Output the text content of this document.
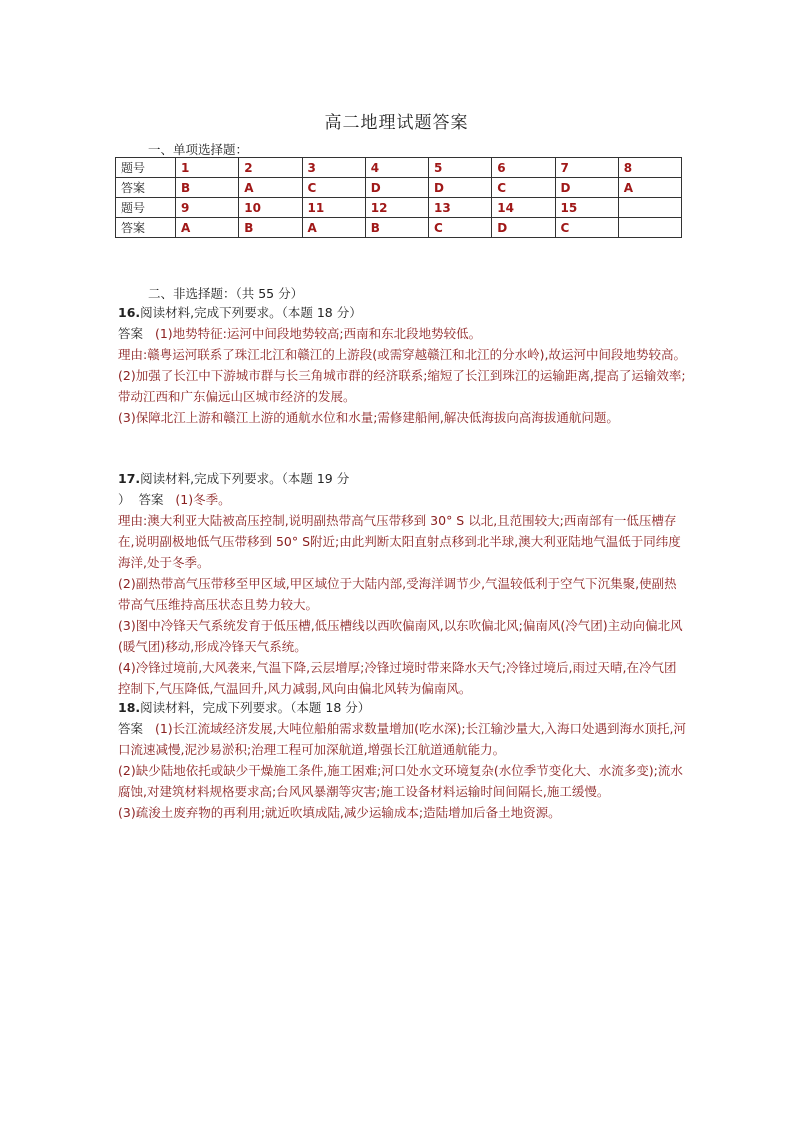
高二地理试题答案
一、单项选择题：
题号	1	2	3	4	5	6	7	8
答案	B	A	C	D	D	C	D	A
题号	9	10	11	12	13	14	15	
答案	A	B	A	B	C	D	C	
二、非选择题：（共 55 分）

16.阅读材料,完成下列要求。（本题 18 分）

答案 (1)地势特征:运河中间段地势较高;西南和东北段地势较低。

理由:赣粤运河联系了珠江北江和赣江的上游段(或需穿越赣江和北江的分水岭),故运河中间段地势较高。

(2)加强了长江中下游城市群与长三角城市群的经济联系;缩短了长江到珠江的运输距离,提高了运输效率;带动江西和广东偏远山区城市经济的发展。

(3)保障北江上游和赣江上游的通航水位和水量;需修建船闸,解决低海拔向高海拔通航问题。

17.阅读材料,完成下列要求。（本题 19 分

） 答案 (1)冬季。

理由:澳大利亚大陆被高压控制,说明副热带高气压带移到 30° S 以北,且范围较大;西南部有一低压槽存在,说明副极地低气压带移到 50° S附近;由此判断太阳直射点移到北半球,澳大利亚陆地气温低于同纬度海洋,处于冬季。

(2)副热带高气压带移至甲区域,甲区域位于大陆内部,受海洋调节少,气温较低利于空气下沉集聚,使副热带高气压维持高压状态且势力较大。

(3)图中冷锋天气系统发育于低压槽,低压槽线以西吹偏南风,以东吹偏北风;偏南风(冷气团)主动向偏北风(暖气团)移动,形成冷锋天气系统。

(4)冷锋过境前,大风袭来,气温下降,云层增厚;冷锋过境时带来降水天气;冷锋过境后,雨过天晴,在冷气团控制下,气压降低,气温回升,风力减弱,风向由偏北风转为偏南风。

18.阅读材料，完成下列要求。（本题 18 分）

答案 (1)长江流域经济发展,大吨位船舶需求数量增加(吃水深);长江输沙量大,入海口处遇到海水顶托,河口流速减慢,泥沙易淤积;治理工程可加深航道,增强长江航道通航能力。

(2)缺少陆地依托或缺少干燥施工条件,施工困难;河口处水文环境复杂(水位季节变化大、水流多变);流水腐蚀,对建筑材料规格要求高;台风风暴潮等灾害;施工设备材料运输时间间隔长,施工缓慢。

(3)疏浚土废弃物的再利用;就近吹填成陆,减少运输成本;造陆增加后备土地资源。
